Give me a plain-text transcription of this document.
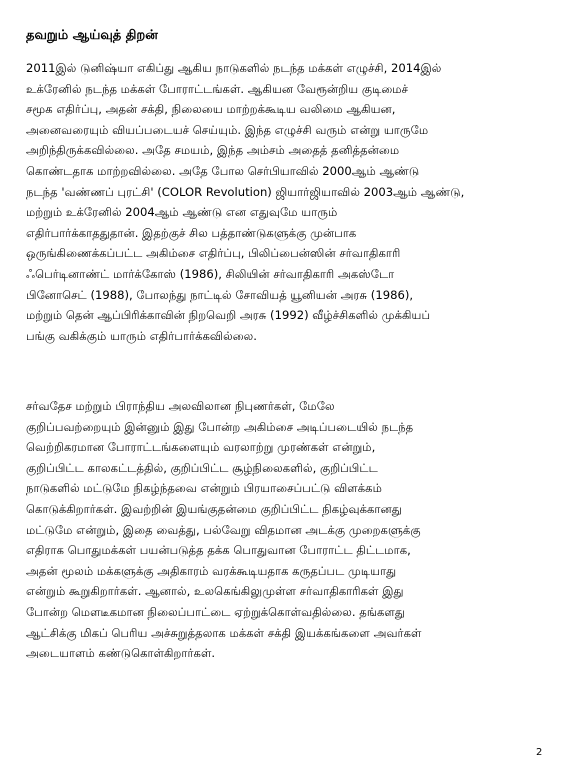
தவறும் ஆய்வுத் திறன்
2011இல் டுனிஷ்யா எகிப்து ஆகிய நாடுகளில் நடந்த மக்கள் எழுச்சி, 2014இல்
உக்ரேனில் நடந்த மக்கள் போராட்டங்கள். ஆகியன வேரூன்றிய குடிமைச்
சமூக எதிர்ப்பு, அதன் சக்தி, நிலையை மாற்றக்கூடிய வலிமை ஆகியன,
அனைவரையும் வியப்படையச் செய்யும். இந்த எழுச்சி வரும் என்று யாருமே
அறிந்திருக்கவில்லை. அதே சமயம், இந்த அம்சம் அதைத் தனித்தன்மை
கொண்டதாக மாற்றவில்லை. அதே போல செர்பியாவில் 2000ஆம் ஆண்டு
நடந்த 'வண்ணப் புரட்சி' (COLOR Revolution) ஜியார்ஜியாவில் 2003ஆம் ஆண்டு,
மற்றும் உக்ரேனில் 2004ஆம் ஆண்டு என எதுவுமே யாரும்
எதிர்பார்க்காததுதான். இதற்குச் சில பத்தாண்டுகளுக்கு முன்பாக
ஒருங்கிணைக்கப்பட்ட அகிம்சை எதிர்ப்பு, பிலிப்பைன்ஸின் சர்வாதிகாரி
ஃபெர்டினாண்ட் மார்க்கோஸ் (1986), சிலியின் சர்வாதிகாரி அகஸ்டோ
பினோசெட் (1988), போலந்து நாட்டில் சோவியத் யூனியன் அரசு (1986),
மற்றும் தென் ஆப்பிரிக்காவின் நிறவெறி அரசு (1992) வீழ்ச்சிகளில் முக்கியப்
பங்கு வகிக்கும் யாரும் எதிர்பார்க்கவில்லை.
சர்வதேச மற்றும் பிராந்திய அலவிலான நிபுணர்கள், மேலே
குறிப்பவற்றையும் இன்னும் இது போன்ற அகிம்சை அடிப்படையில் நடந்த
வெற்றிகரமான போராட்டங்களையும் வரலாற்று முரண்கள் என்றும்,
குறிப்பிட்ட காலகட்டத்தில், குறிப்பிட்ட சூழ்நிலைகளில், குறிப்பிட்ட
நாடுகளில் மட்டுமே நிகழ்ந்தவை என்றும் பிரயாசைப்பட்டு விளக்கம்
கொடுக்கிறார்கள். இவற்றின் இயங்குதன்மை குறிப்பிட்ட நிகழ்வுக்கானது
மட்டுமே என்றும், இதை வைத்து, பல்வேறு விதமான அடக்கு முறைகளுக்கு
எதிராக பொதுமக்கள் பயன்படுத்த தக்க பொதுவான போராட்ட திட்டமாக,
அதன் மூலம் மக்களுக்கு அதிகாரம் வரக்கூடியதாக கருதப்பட முடியாது
என்றும் கூறுகிறார்கள். ஆனால், உலகெங்கிலுமுள்ள சர்வாதிகாரிகள் இது
போன்ற மௌடீகமான நிலைப்பாட்டை ஏற்றுக்கொள்வதில்லை. தங்களது
ஆட்சிக்கு மிகப் பெரிய அச்சுறுத்தலாக மக்கள் சக்தி இயக்கங்களை அவர்கள்
அடையாளம் கண்டுகொள்கிறார்கள்.
2
